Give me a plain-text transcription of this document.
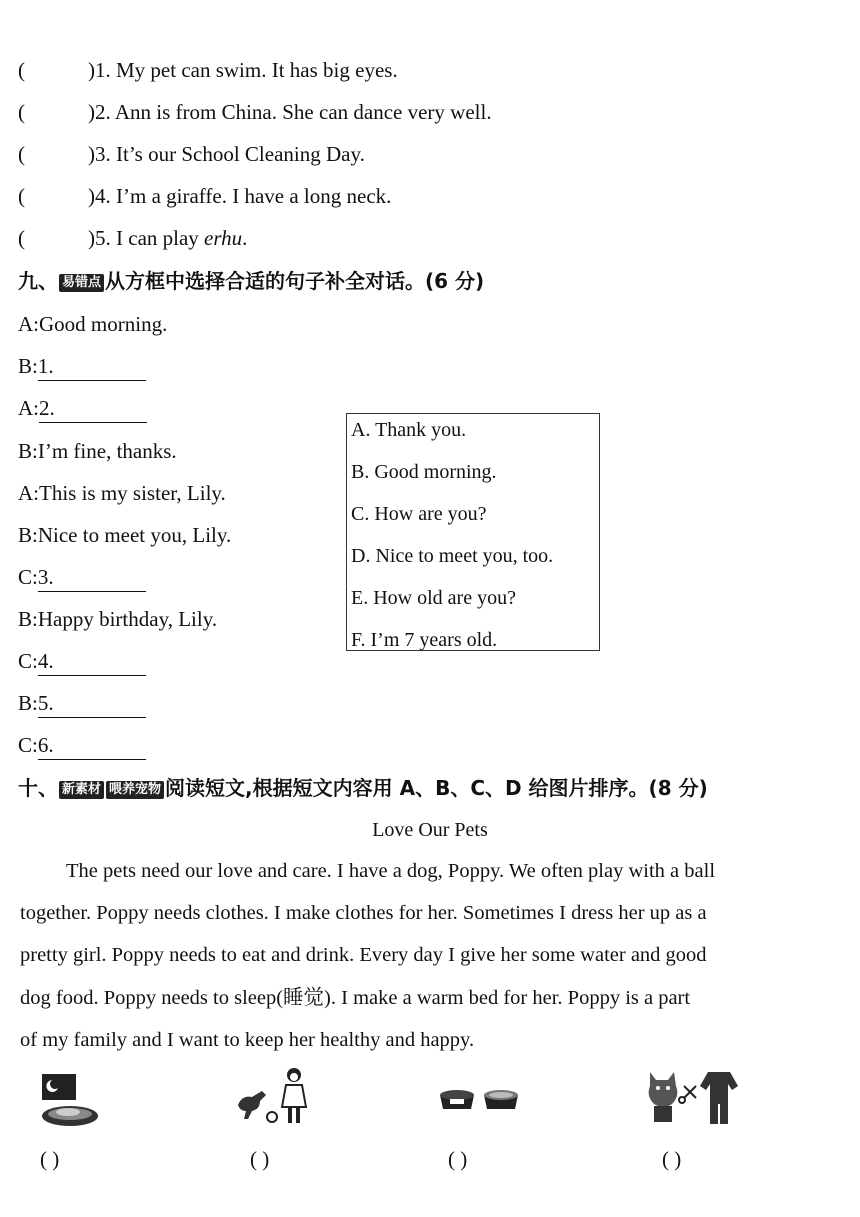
(	)1. My pet can swim. It has big eyes.
(	)2. Ann is from China. She can dance very well.
(	)3. It’s our School Cleaning Day.
(	)4. I’m a giraffe. I have a long neck.
(	)5. I can play erhu.
九、 易错点 从方框中选择合适的句子补全对话。(6 分)
A:Good morning.
B:1.
A:2.
B:I’m fine, thanks.
A:This is my sister, Lily.
B:Nice to meet you, Lily.
C:3.
B:Happy birthday, Lily.
C:4.
B:5.
C:6.
A. Thank you.
B. Good morning.
C. How are you?
D. Nice to meet you, too.
E. How old are you?
F. I’m 7 years old.
十、 新素材 喂养宠物 阅读短文,根据短文内容用 A、B、C、D 给图片排序。(8 分)
Love Our Pets
The pets need our love and care. I have a dog, Poppy. We often play with a ball
together. Poppy needs clothes. I make clothes for her. Sometimes I dress her up as a
pretty girl. Poppy needs to eat and drink. Every day I give her some water and good
dog food. Poppy needs to sleep(睡觉). I make a warm bed for her. Poppy is a part
of my family and I want to keep her healthy and happy.
( )	( )	( )	( )
